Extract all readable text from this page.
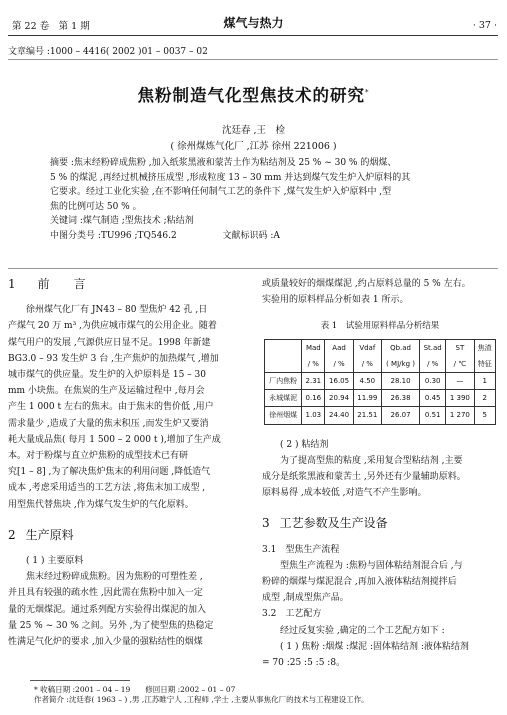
第 22 卷　第 1 期	煤气与热力	· 37 ·
文章编号 :1000 – 4416( 2002 )01 – 0037 – 02
焦粉制造气化型焦技术的研究*
沈廷春 ,王　检
( 徐州煤炼气化厂 ,江苏 徐州 221006 )
摘要 :焦末经粉碎成焦粉 ,加入纸浆黑液和蒙苦土作为粘结剂及 25 % ~ 30 % 的烟煤、
5 % 的煤泥 ,再经过机械挤压成型 ,形成粒度 13 – 30 mm 并达到煤气发生炉入炉原料的其
它要求。经过工业化实验 ,在不影响任何制气工艺的条件下 ,煤气发生炉入炉原料中 ,型
焦的比例可达 50 % 。
关键词 :煤气制造 ;型焦技术 ;粘结剂
中图分类号 :TU996 ;TQ546.2	文献标识码 :A
1 前　　言
徐州煤气化厂有 JN43 – 80 型焦炉 42 孔 ,日
产煤气 20 万 m³ ,为供应城市煤气的公用企业。随着
煤气用户的发展 ,气源供应日显不足。1998 年新建
BG3.0 – 93 发生炉 3 台 ,生产焦炉的加热煤气 ,增加
城市煤气的供应量。发生炉的入炉原料是 15 – 30
mm 小块焦。在焦炭的生产及运输过程中 ,每月会
产生 1 000 t 左右的焦末。由于焦末的售价低 ,用户
需求量少 ,造成了大量的焦末积压 ,而发生炉又要消
耗大量成品焦( 每月 1 500 – 2 000 t ),增加了生产成
本。对于粉煤与直立炉焦粉的成型技术已有研
究[1 – 8] ,为了解决焦炉焦末的利用问题 ,降低造气
成本 ,考虑采用适当的工艺方法 ,将焦末加工成型 ,
用型焦代替焦块 ,作为煤气发生炉的气化原料。
2 生产原料
( 1 ) 主要原料
焦末经过粉碎成焦粉。因为焦粉的可塑性差 ,
并且具有较强的疏水性 ,因此需在焦粉中加入一定
量的无烟煤泥。通过系列配方实验得出煤泥的加入
量 25 % ~ 30 % 之间。另外 ,为了使型焦的热稳定
性满足气化炉的要求 ,加入少量的强粘结性的烟煤
或质量较好的烟煤煤泥 ,约占原料总量的 5 % 左右。
实验用的原料样品分析如表 1 所示。
表 1　试验用原料样品分析结果
	Mad	Aad	Vdaf	Qb.ad	St.ad	ST	焦渣
	/ %	/ %	/ %	( MJ/kg )	/ %	/ ℃	特征
厂内焦粉	2.31	16.05	4.50	28.10	0.30	—	1
永城煤泥	0.16	20.94	11.99	26.38	0.45	1 390	2
徐州烟煤	1.03	24.40	21.51	26.07	0.51	1 270	5
( 2 ) 粘结剂
为了提高型焦的粘度 ,采用复合型粘结剂 ,主要
成分是纸浆黑液和蒙苦土 ,另外还有少量辅助原料。
原料易得 ,成本较低 ,对造气不产生影响。
3 工艺参数及生产设备
3.1　型焦生产流程
型焦生产流程为 :焦粉与固体粘结剂混合后 ,与
粉碎的烟煤与煤泥混合 ,再加入液体粘结剂搅拌后
成型 ,制成型焦产品。
3.2　工艺配方
经过反复实验 ,确定的二个工艺配方如下 :
( 1 ) 焦粉 :烟煤 :煤泥 :固体粘结剂 :液体粘结剂
= 70 :25 :5 :5 :8。
* 收稿日期 :2001 – 04 – 19　　修回日期 :2002 – 01 – 07
作者简介 :沈廷春( 1963 – ) ,男 ,江苏睢宁人 ,工程师 ,学士 ,主要从事焦化厂的技术与工程建设工作。
